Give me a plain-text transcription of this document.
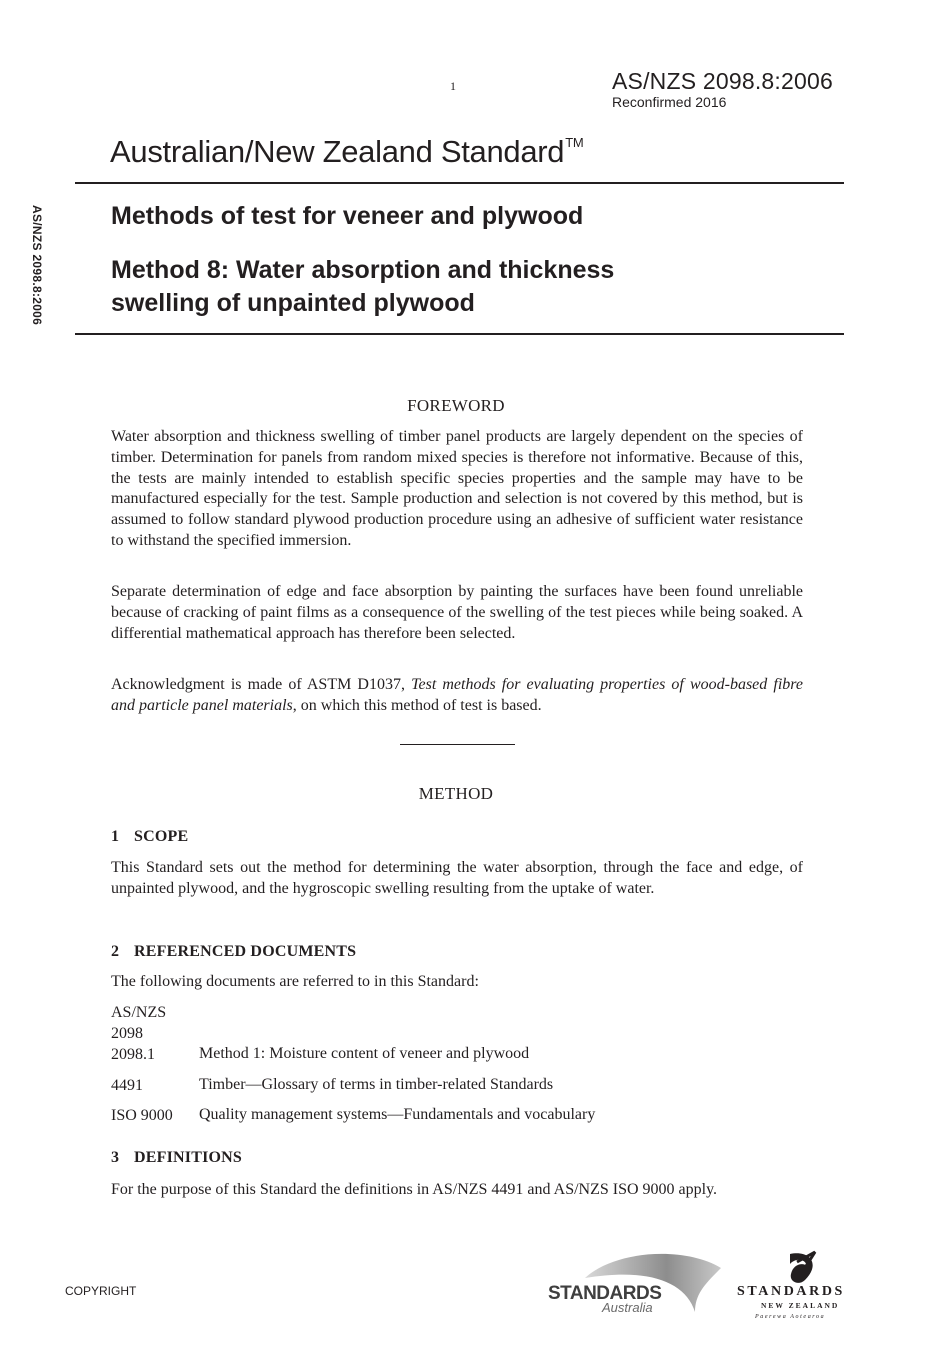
1	AS/NZS 2098.8:2006
Reconfirmed 2016
Australian/New Zealand Standard™
AS/NZS 2098.8:2006	Methods of test for veneer and plywood
Method 8: Water absorption and thickness
swelling of unpainted plywood
FOREWORD
Water absorption and thickness swelling of timber panel products are largely dependent on the species of timber. Determination for panels from random mixed species is therefore not informative. Because of this, the tests are mainly intended to establish specific species properties and the sample may have to be manufactured especially for the test. Sample production and selection is not covered by this method, but is assumed to follow standard plywood production procedure using an adhesive of sufficient water resistance to withstand the specified immersion.
Separate determination of edge and face absorption by painting the surfaces have been found unreliable because of cracking of paint films as a consequence of the swelling of the test pieces while being soaked. A differential mathematical approach has therefore been selected.
Acknowledgment is made of ASTM D1037, Test methods for evaluating properties of wood-based fibre and particle panel materials, on which this method of test is based.
METHOD
1 SCOPE
This Standard sets out the method for determining the water absorption, through the face and edge, of unpainted plywood, and the hygroscopic swelling resulting from the uptake of water.
2 REFERENCED DOCUMENTS
The following documents are referred to in this Standard:
AS/NZS 2098
2098.1	Method 1: Moisture content of veneer and plywood
4491	Timber—Glossary of terms in timber-related Standards
ISO 9000 Quality management systems—Fundamentals and vocabulary
3 DEFINITIONS
For the purpose of this Standard the definitions in AS/NZS 4491 and AS/NZS ISO 9000 apply.
COPYRIGHT	STANDARDS
Australia
STANDARDS
NEW ZEALAND
Paerewa Aotearoa
